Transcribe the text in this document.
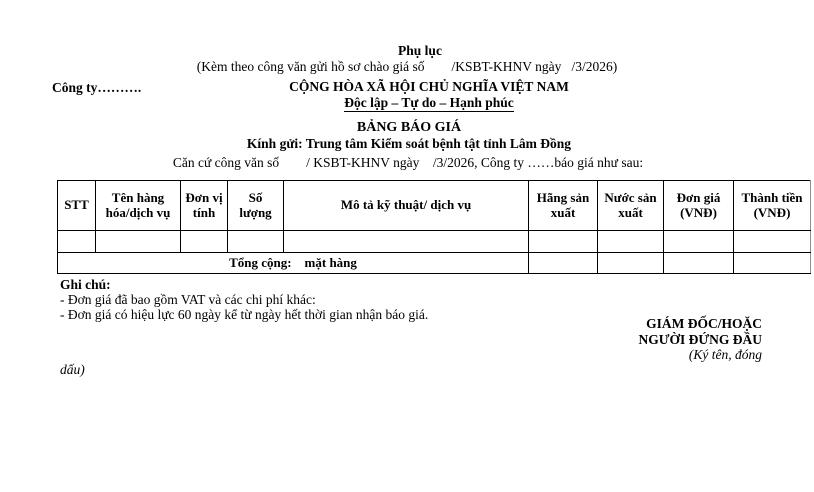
Phụ lục
(Kèm theo công văn gửi hồ sơ chào giá số        /KSBT-KHNV ngày   /3/2026)
Công ty……….	CỘNG HÒA XÃ HỘI CHỦ NGHĨA VIỆT NAM
Độc lập – Tự do – Hạnh phúc
BẢNG BÁO GIÁ
Kính gửi: Trung tâm Kiểm soát bệnh tật tỉnh Lâm Đồng
Căn cứ công văn số        / KSBT-KHNV ngày    /3/2026, Công ty ……báo giá như sau:
STT	Tên hàng hóa/dịch vụ	Đơn vị tính	Số lượng	Mô tả kỹ thuật/ dịch vụ	Hãng sản xuất	Nước sản xuất	Đơn giá (VNĐ)	Thành tiền (VNĐ)

Tổng cộng:    mặt hàng								
Ghi chú:
- Đơn giá đã bao gồm VAT và các chi phí khác:
- Đơn giá có hiệu lực 60 ngày kể từ ngày hết thời gian nhận báo giá.
GIÁM ĐỐC/HOẶC
NGƯỜI ĐỨNG ĐẦU
(Ký tên, đóng
dấu)
